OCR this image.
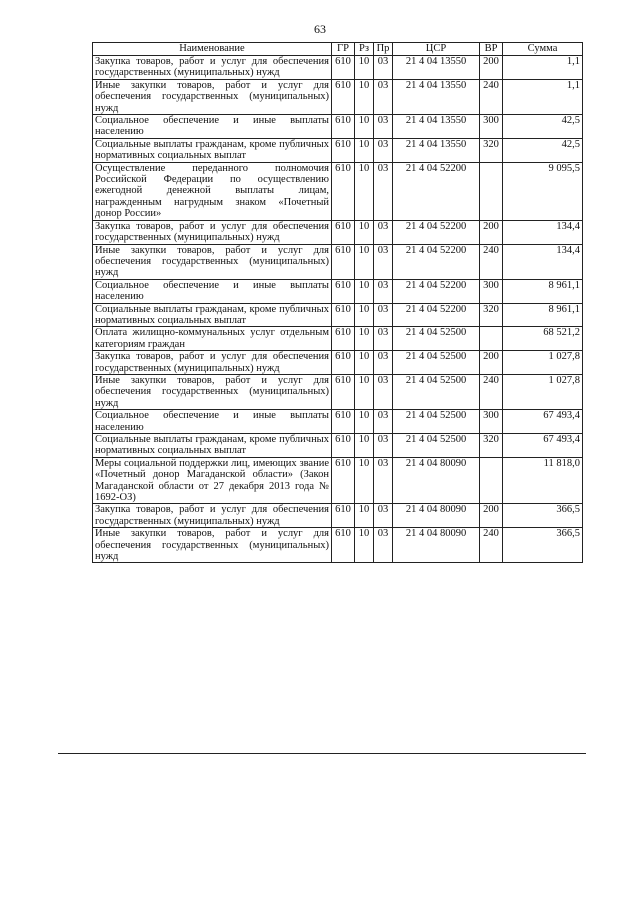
63
Наименование	ГР	Рз	Пр	ЦСР	ВР	Сумма
Закупка товаров, работ и услуг для обеспечения государственных (муниципальных) нужд	610	10	03	21 4 04 13550	200	1,1
Иные закупки товаров, работ и услуг для обеспечения государственных (муниципальных) нужд	610	10	03	21 4 04 13550	240	1,1
Социальное обеспечение и иные выплаты населению	610	10	03	21 4 04 13550	300	42,5
Социальные выплаты гражданам, кроме публичных нормативных социальных выплат	610	10	03	21 4 04 13550	320	42,5
Осуществление переданного полномочия Российской Федерации по осуществлению ежегодной денежной выплаты лицам, награжденным нагрудным знаком «Почетный донор России»	610	10	03	21 4 04 52200		9 095,5
Закупка товаров, работ и услуг для обеспечения государственных (муниципальных) нужд	610	10	03	21 4 04 52200	200	134,4
Иные закупки товаров, работ и услуг для обеспечения государственных (муниципальных) нужд	610	10	03	21 4 04 52200	240	134,4
Социальное обеспечение и иные выплаты населению	610	10	03	21 4 04 52200	300	8 961,1
Социальные выплаты гражданам, кроме публичных нормативных социальных выплат	610	10	03	21 4 04 52200	320	8 961,1
Оплата жилищно-коммунальных услуг отдельным категориям граждан	610	10	03	21 4 04 52500		68 521,2
Закупка товаров, работ и услуг для обеспечения государственных (муниципальных) нужд	610	10	03	21 4 04 52500	200	1 027,8
Иные закупки товаров, работ и услуг для обеспечения государственных (муниципальных) нужд	610	10	03	21 4 04 52500	240	1 027,8
Социальное обеспечение и иные выплаты населению	610	10	03	21 4 04 52500	300	67 493,4
Социальные выплаты гражданам, кроме публичных нормативных социальных выплат	610	10	03	21 4 04 52500	320	67 493,4
Меры социальной поддержки лиц, имеющих звание «Почетный донор Магаданской области» (Закон Магаданской области от 27 декабря 2013 года № 1692-ОЗ)	610	10	03	21 4 04 80090		11 818,0
Закупка товаров, работ и услуг для обеспечения государственных (муниципальных) нужд	610	10	03	21 4 04 80090	200	366,5
Иные закупки товаров, работ и услуг для обеспечения государственных (муниципальных) нужд	610	10	03	21 4 04 80090	240	366,5
